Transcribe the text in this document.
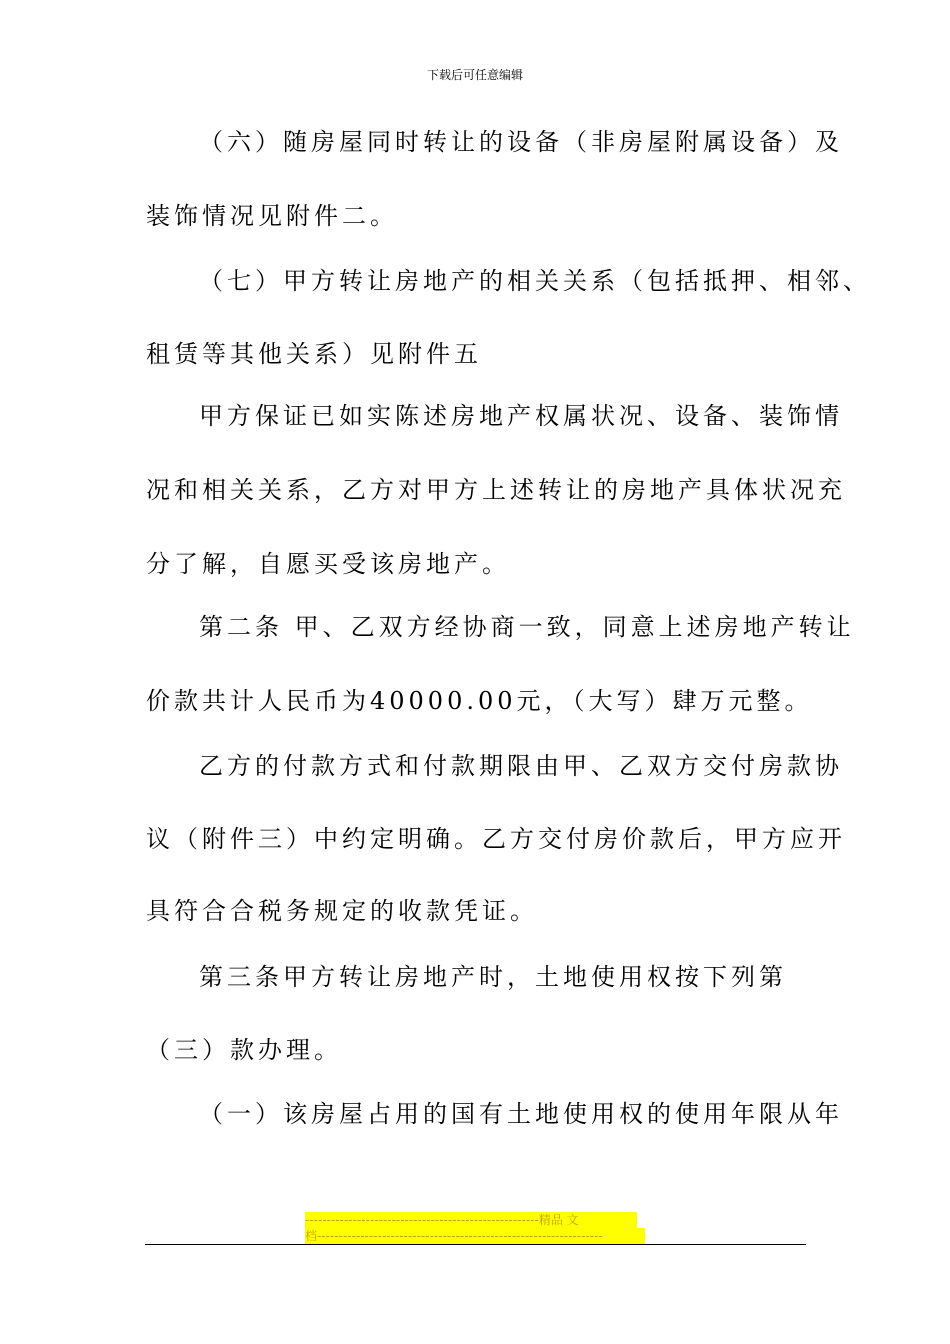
下载后可任意编辑
（六）随房屋同时转让的设备（非房屋附属设备）及
装饰情况见附件二。
（七）甲方转让房地产的相关关系（包括抵押、相邻、
租赁等其他关系）见附件五
甲方保证已如实陈述房地产权属状况、设备、装饰情
况和相关关系，乙方对甲方上述转让的房地产具体状况充
分了解，自愿买受该房地产。
第二条 甲、乙双方经协商一致，同意上述房地产转让
价款共计人民币为40000.00元，（大写）肆万元整。
乙方的付款方式和付款期限由甲、乙双方交付房款协
议（附件三）中约定明确。乙方交付房价款后，甲方应开
具符合合税务规定的收款凭证。
第三条甲方转让房地产时，土地使用权按下列第
（三）款办理。
（一）该房屋占用的国有土地使用权的使用年限从年
------------------------------------------------------精品 文
档------------------------------------------------------------------
